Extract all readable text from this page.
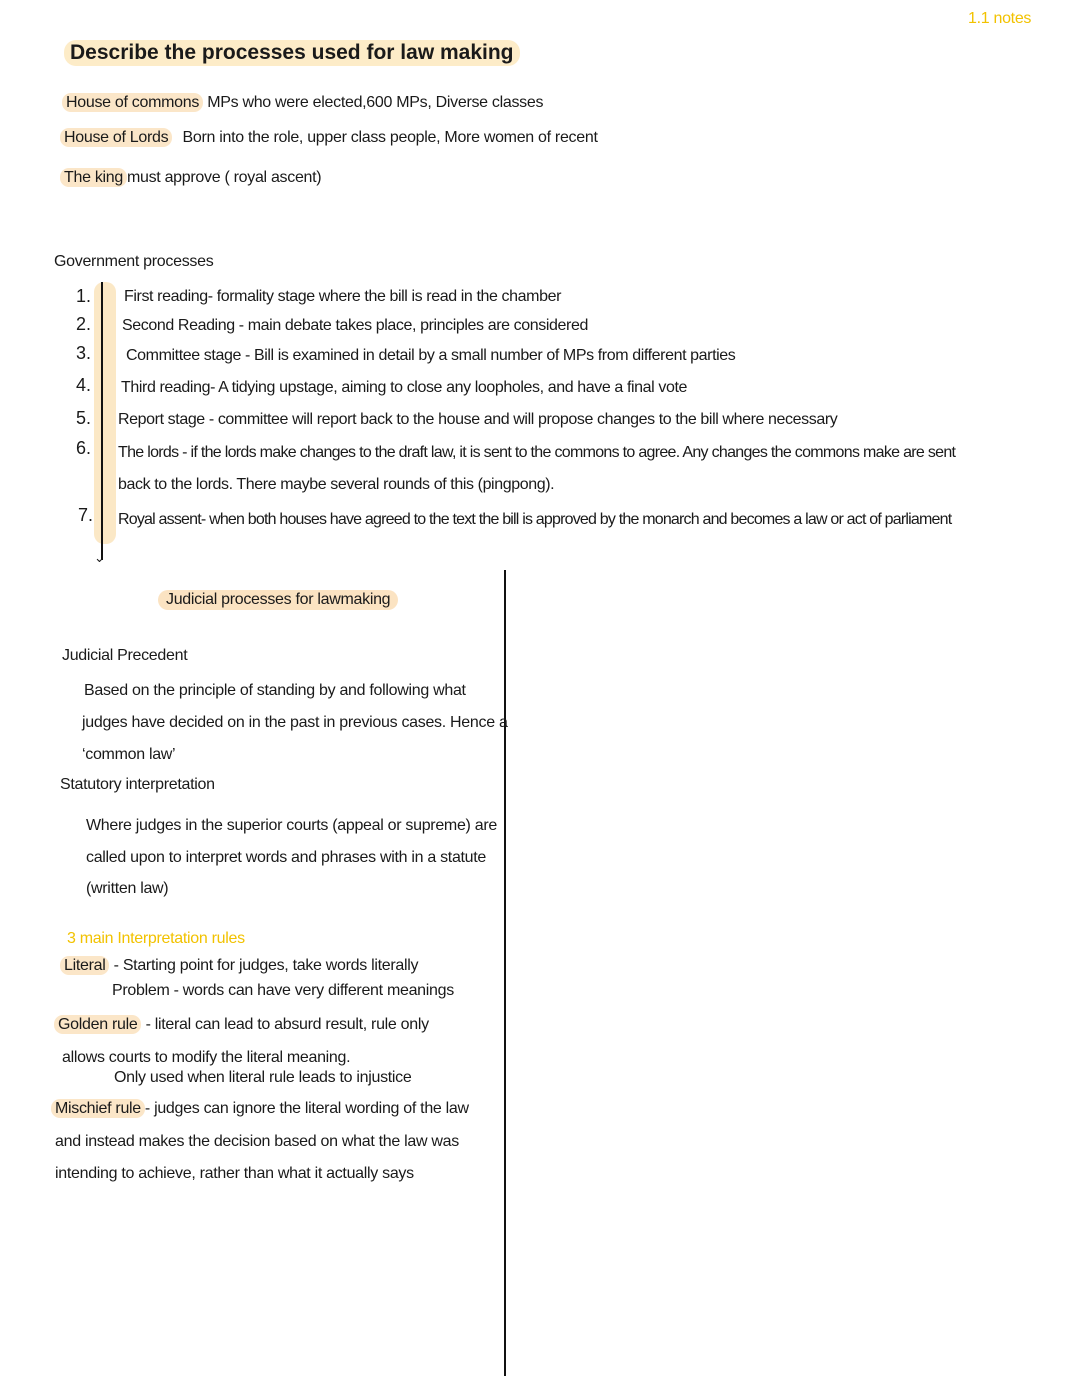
1.1 notes
Describe the processes used for law making
House of commons MPs who were elected,600 MPs, Diverse classes
House of Lords Born into the role, upper class people, More women of recent
The king must approve ( royal ascent)
Government processes
⌄
1. First reading- formality stage where the bill is read in the chamber
2. Second Reading - main debate takes place, principles are considered
3. Committee stage - Bill is examined in detail by a small number of MPs from different parties
4. Third reading- A tidying upstage, aiming to close any loopholes, and have a final vote
5. Report stage - committee will report back to the house and will propose changes to the bill where necessary
6. The lords - if the lords make changes to the draft law, it is sent to the commons to agree. Any changes the commons make are sent
back to the lords. There maybe several rounds of this (pingpong).
7. Royal assent- when both houses have agreed to the text the bill is approved by the monarch and becomes a law or act of parliament
Judicial processes for lawmaking
Judicial Precedent
Based on the principle of standing by and following what
judges have decided on in the past in previous cases. Hence a
‘common law’
Statutory interpretation
Where judges in the superior courts (appeal or supreme) are
called upon to interpret words and phrases with in a statute
(written law)
3 main Interpretation rules
Literal - Starting point for judges, take words literally
Problem - words can have very different meanings
Golden rule - literal can lead to absurd result, rule only
allows courts to modify the literal meaning.
Only used when literal rule leads to injustice
Mischief rule - judges can ignore the literal wording of the law
and instead makes the decision based on what the law was
intending to achieve, rather than what it actually says
